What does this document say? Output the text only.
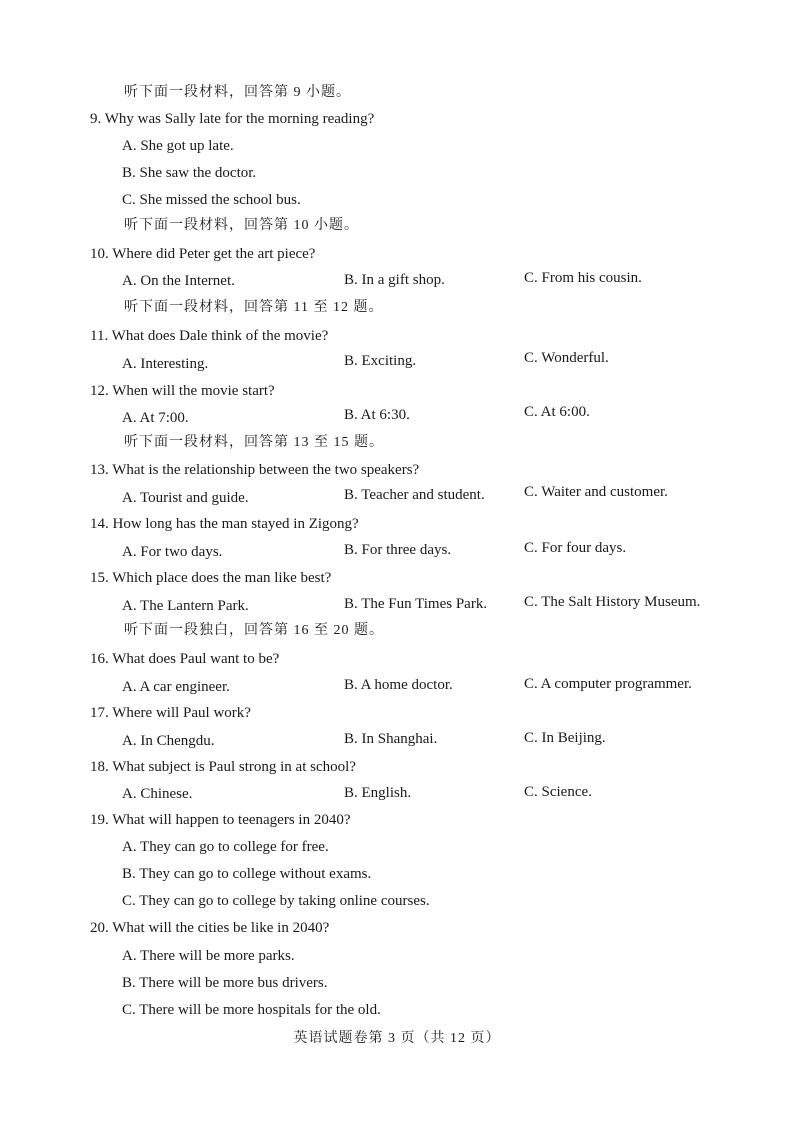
听下面一段材料，回答第 9 小题。
9. Why was Sally late for the morning reading?
A. She got up late.
B. She saw the doctor.
C. She missed the school bus.
听下面一段材料，回答第 10 小题。
10. Where did Peter get the art piece?
A. On the Internet.	B. In a gift shop.	C. From his cousin.
听下面一段材料，回答第 11 至 12 题。
11. What does Dale think of the movie?
A. Interesting.	B. Exciting.	C. Wonderful.
12. When will the movie start?
A. At 7:00.	B. At 6:30.	C. At 6:00.
听下面一段材料，回答第 13 至 15 题。
13. What is the relationship between the two speakers?
A. Tourist and guide.	B. Teacher and student.	C. Waiter and customer.
14. How long has the man stayed in Zigong?
A. For two days.	B. For three days.	C. For four days.
15. Which place does the man like best?
A. The Lantern Park.	B. The Fun Times Park. C. The Salt History Museum.
听下面一段独白，回答第 16 至 20 题。
16. What does Paul want to be?
A. A car engineer.	B. A home doctor.	C. A computer programmer.
17. Where will Paul work?
A. In Chengdu.	B. In Shanghai.	C. In Beijing.
18. What subject is Paul strong in at school?
A. Chinese.	B. English.	C. Science.
19. What will happen to teenagers in 2040?
A. They can go to college for free.
B. They can go to college without exams.
C. They can go to college by taking online courses.
20. What will the cities be like in 2040?
A. There will be more parks.
B. There will be more bus drivers.
C. There will be more hospitals for the old.
英语试题卷第 3 页（共 12 页）
